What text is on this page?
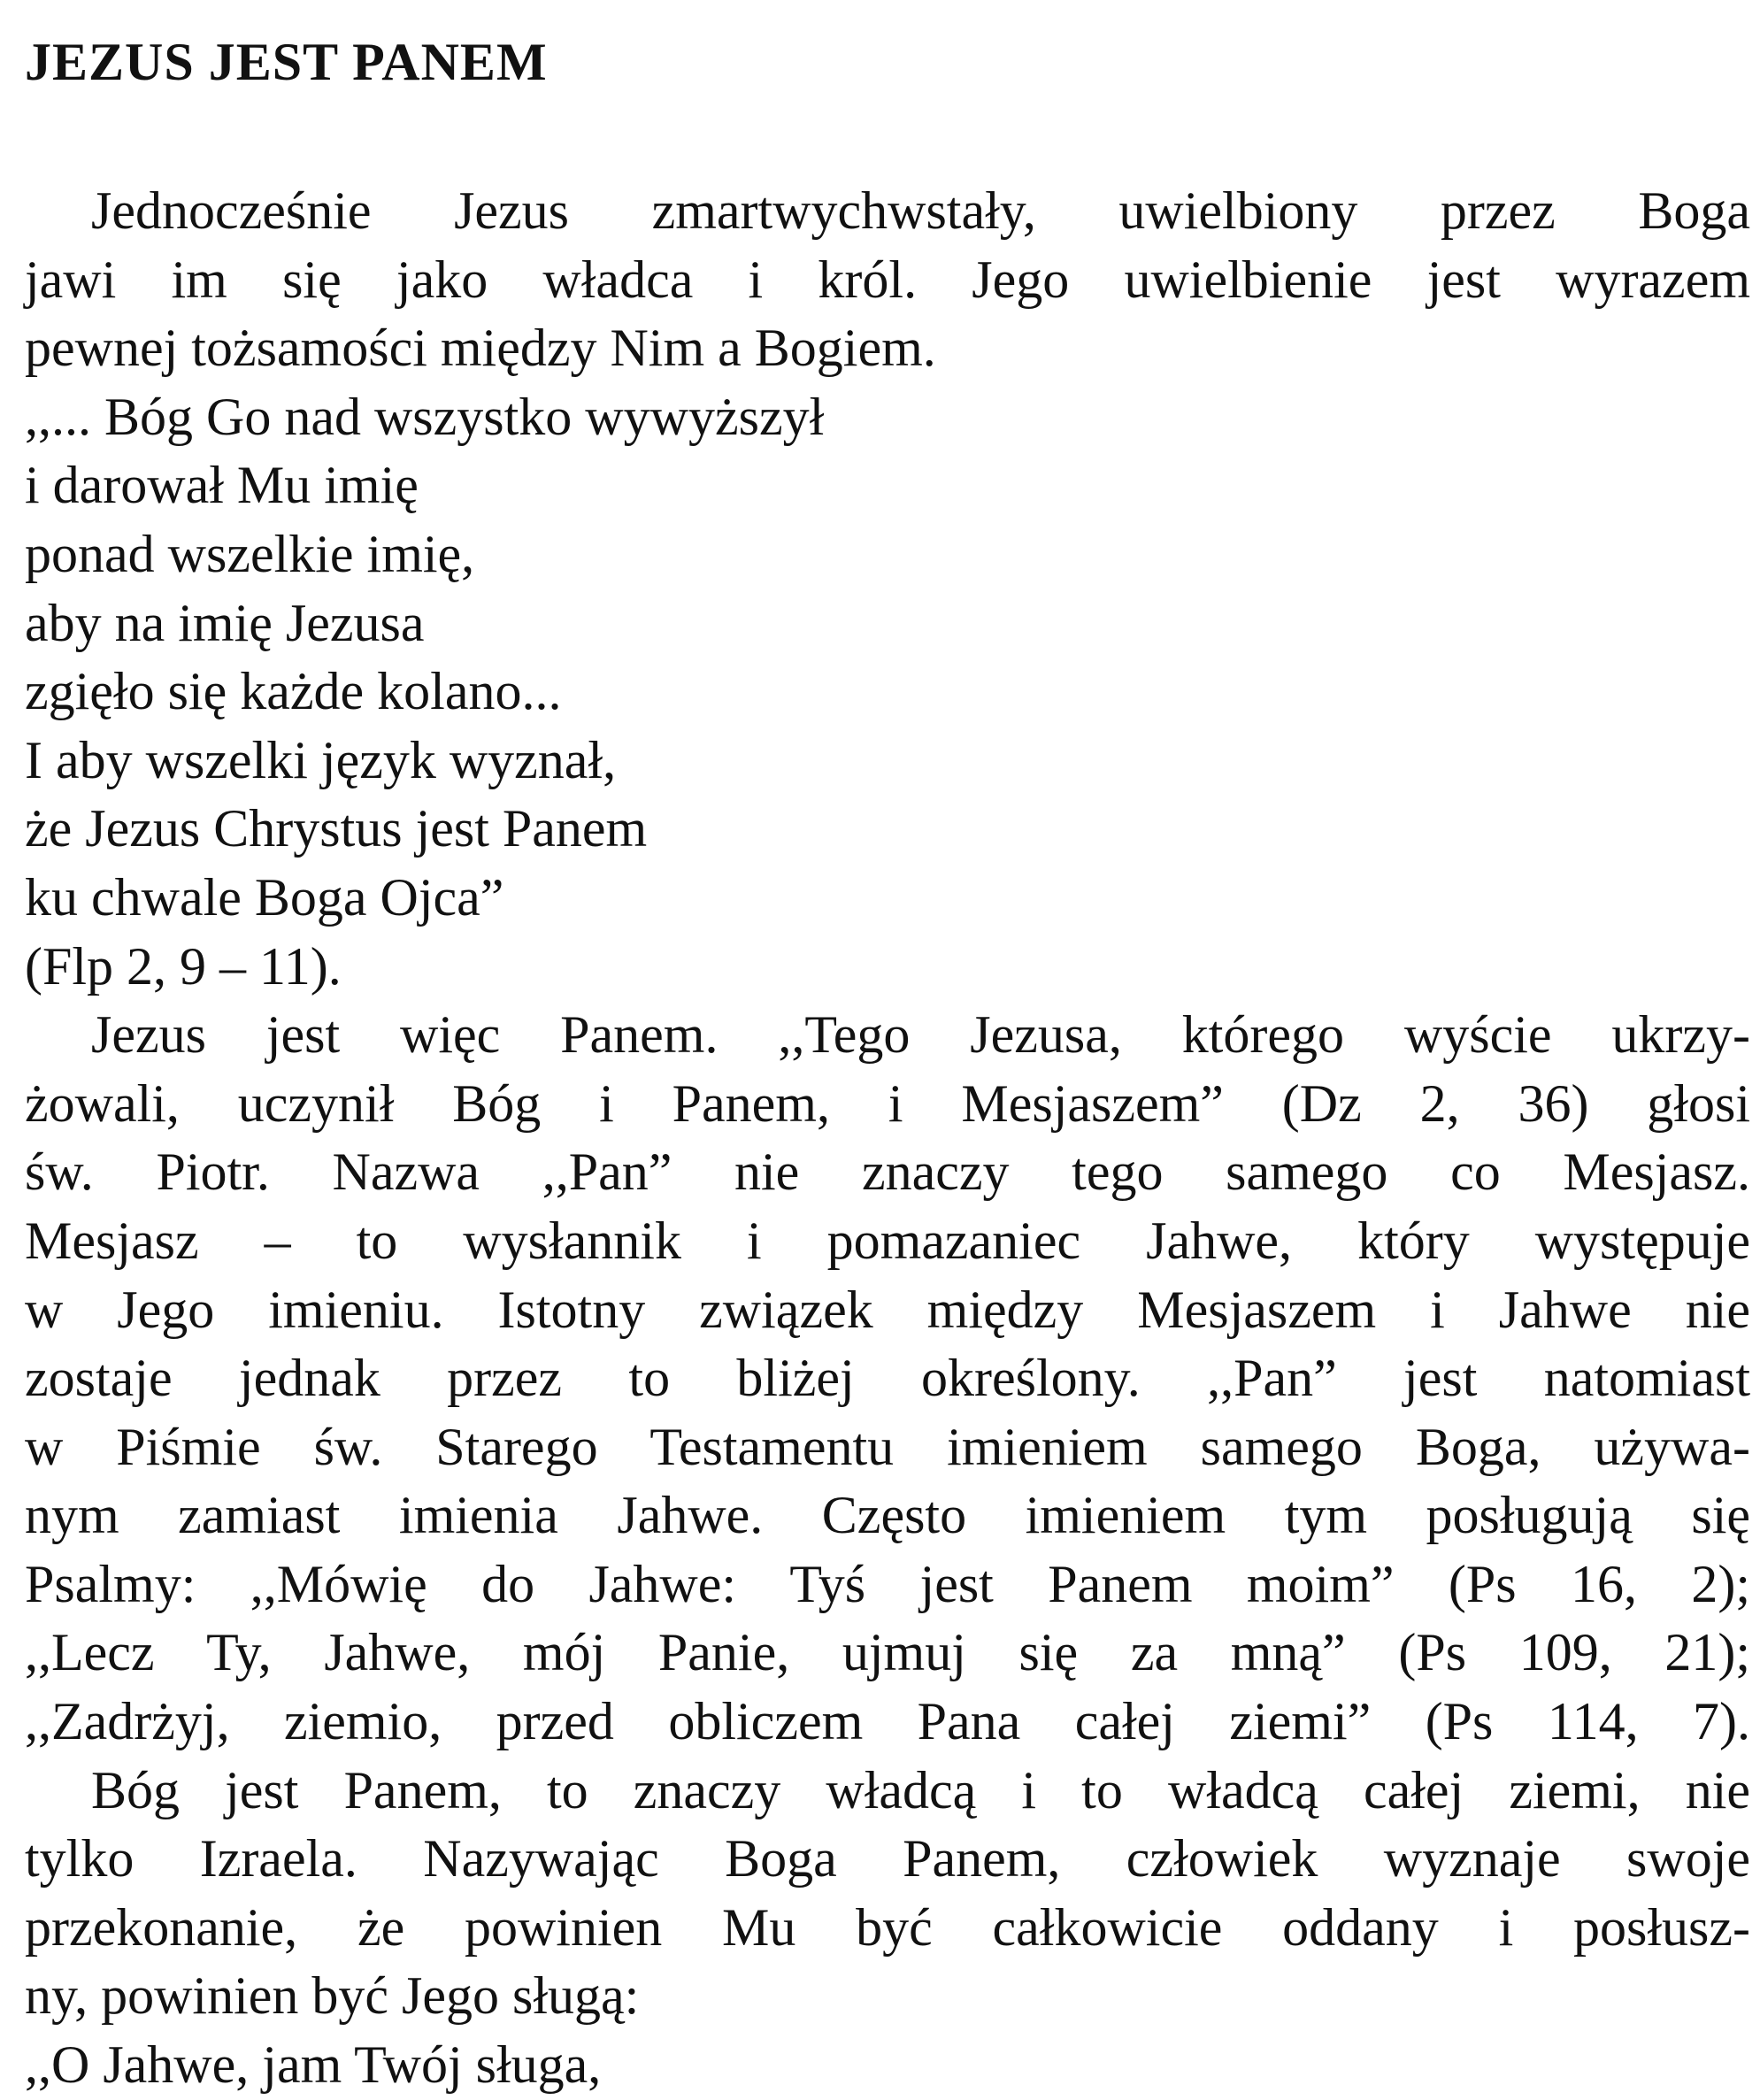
JEZUS JEST PANEM
Jednocześnie Jezus zmartwychwstały, uwielbiony przez Boga
jawi im się jako władca i król. Jego uwielbienie jest wyrazem
pewnej tożsamości między Nim a Bogiem.
,,... Bóg Go nad wszystko wywyższył
i darował Mu imię
ponad wszelkie imię,
aby na imię Jezusa
zgięło się każde kolano...
I aby wszelki język wyznał,
że Jezus Chrystus jest Panem
ku chwale Boga Ojca”
(Flp 2, 9 – 11).
Jezus jest więc Panem. ,,Tego Jezusa, którego wyście ukrzy-
żowali, uczynił Bóg i Panem, i Mesjaszem” (Dz 2, 36) głosi
św. Piotr. Nazwa ,,Pan” nie znaczy tego samego co Mesjasz.
Mesjasz – to wysłannik i pomazaniec Jahwe, który występuje
w Jego imieniu. Istotny związek między Mesjaszem i Jahwe nie
zostaje jednak przez to bliżej określony. ,,Pan” jest natomiast
w Piśmie św. Starego Testamentu imieniem samego Boga, używa-
nym zamiast imienia Jahwe. Często imieniem tym posługują się
Psalmy: ,,Mówię do Jahwe: Tyś jest Panem moim” (Ps 16, 2);
,,Lecz Ty, Jahwe, mój Panie, ujmuj się za mną” (Ps 109, 21);
,,Zadrżyj, ziemio, przed obliczem Pana całej ziemi” (Ps 114, 7).
Bóg jest Panem, to znaczy władcą i to władcą całej ziemi, nie
tylko Izraela. Nazywając Boga Panem, człowiek wyznaje swoje
przekonanie, że powinien Mu być całkowicie oddany i posłusz-
ny, powinien być Jego sługą:
,,O Jahwe, jam Twój sługa,
